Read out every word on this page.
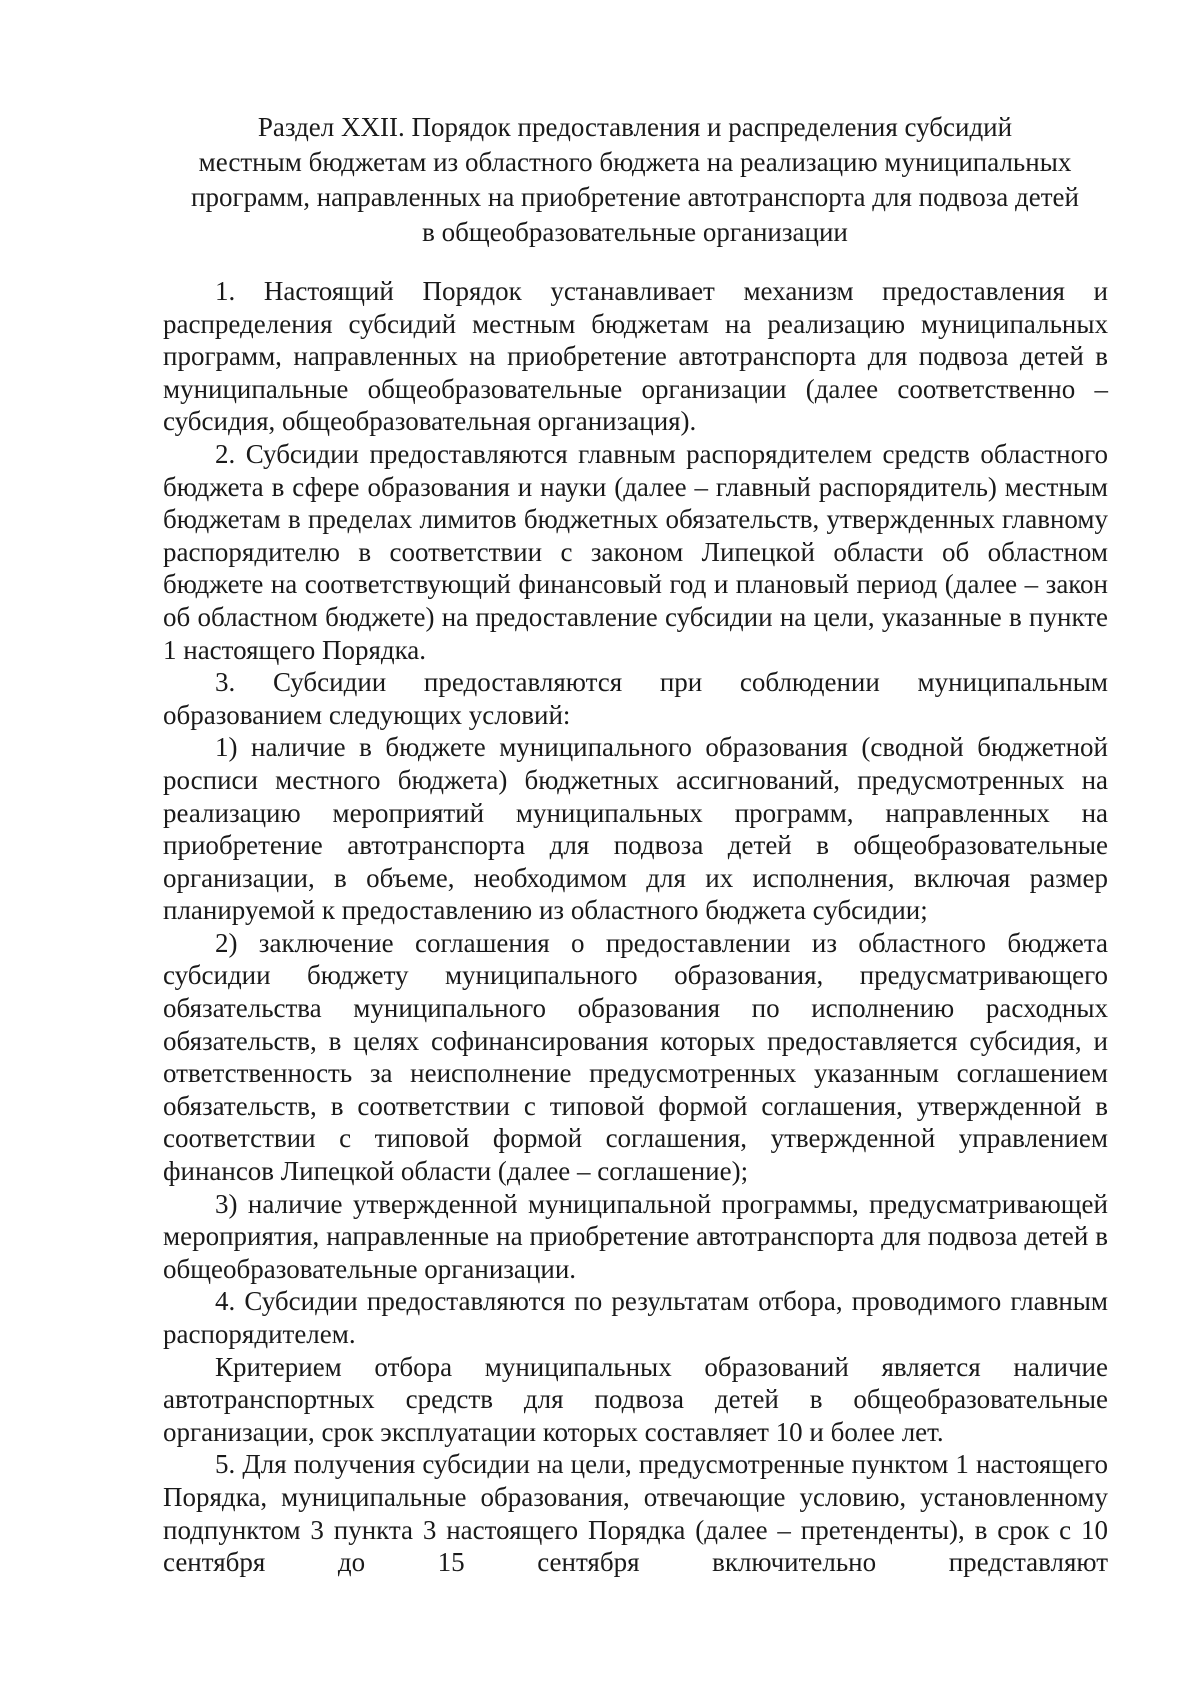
Раздел XXII. Порядок предоставления и распределения субсидий
местным бюджетам из областного бюджета на реализацию муниципальных
программ, направленных на приобретение автотранспорта для подвоза детей
в общеобразовательные организации

1. Настоящий Порядок устанавливает механизм предоставления и распределения субсидий местным бюджетам на реализацию муниципальных программ, направленных на приобретение автотранспорта для подвоза детей в муниципальные общеобразовательные организации (далее соответственно – субсидия, общеобразовательная организация).

2. Субсидии предоставляются главным распорядителем средств областного бюджета в сфере образования и науки (далее – главный распорядитель) местным бюджетам в пределах лимитов бюджетных обязательств, утвержденных главному распорядителю в соответствии с законом Липецкой области об областном бюджете на соответствующий финансовый год и плановый период (далее – закон об областном бюджете) на предоставление субсидии на цели, указанные в пункте 1 настоящего Порядка.

3. Субсидии предоставляются при соблюдении муниципальным образованием следующих условий:

1) наличие в бюджете муниципального образования (сводной бюджетной росписи местного бюджета) бюджетных ассигнований, предусмотренных на реализацию мероприятий муниципальных программ, направленных на приобретение автотранспорта для подвоза детей в общеобразовательные организации, в объеме, необходимом для их исполнения, включая размер планируемой к предоставлению из областного бюджета субсидии;

2) заключение соглашения о предоставлении из областного бюджета субсидии бюджету муниципального образования, предусматривающего обязательства муниципального образования по исполнению расходных обязательств, в целях софинансирования которых предоставляется субсидия, и ответственность за неисполнение предусмотренных указанным соглашением обязательств, в соответствии с типовой формой соглашения, утвержденной в соответствии с типовой формой соглашения, утвержденной управлением финансов Липецкой области (далее – соглашение);

3) наличие утвержденной муниципальной программы, предусматривающей мероприятия, направленные на приобретение автотранспорта для подвоза детей в общеобразовательные организации.

4. Субсидии предоставляются по результатам отбора, проводимого главным распорядителем.

Критерием отбора муниципальных образований является наличие автотранспортных средств для подвоза детей в общеобразовательные организации, срок эксплуатации которых составляет 10 и более лет.

5. Для получения субсидии на цели, предусмотренные пунктом 1 настоящего Порядка, муниципальные образования, отвечающие условию, установленному подпунктом 3 пункта 3 настоящего Порядка (далее – претенденты), в срок с 10 сентября до 15 сентября включительно представляют
